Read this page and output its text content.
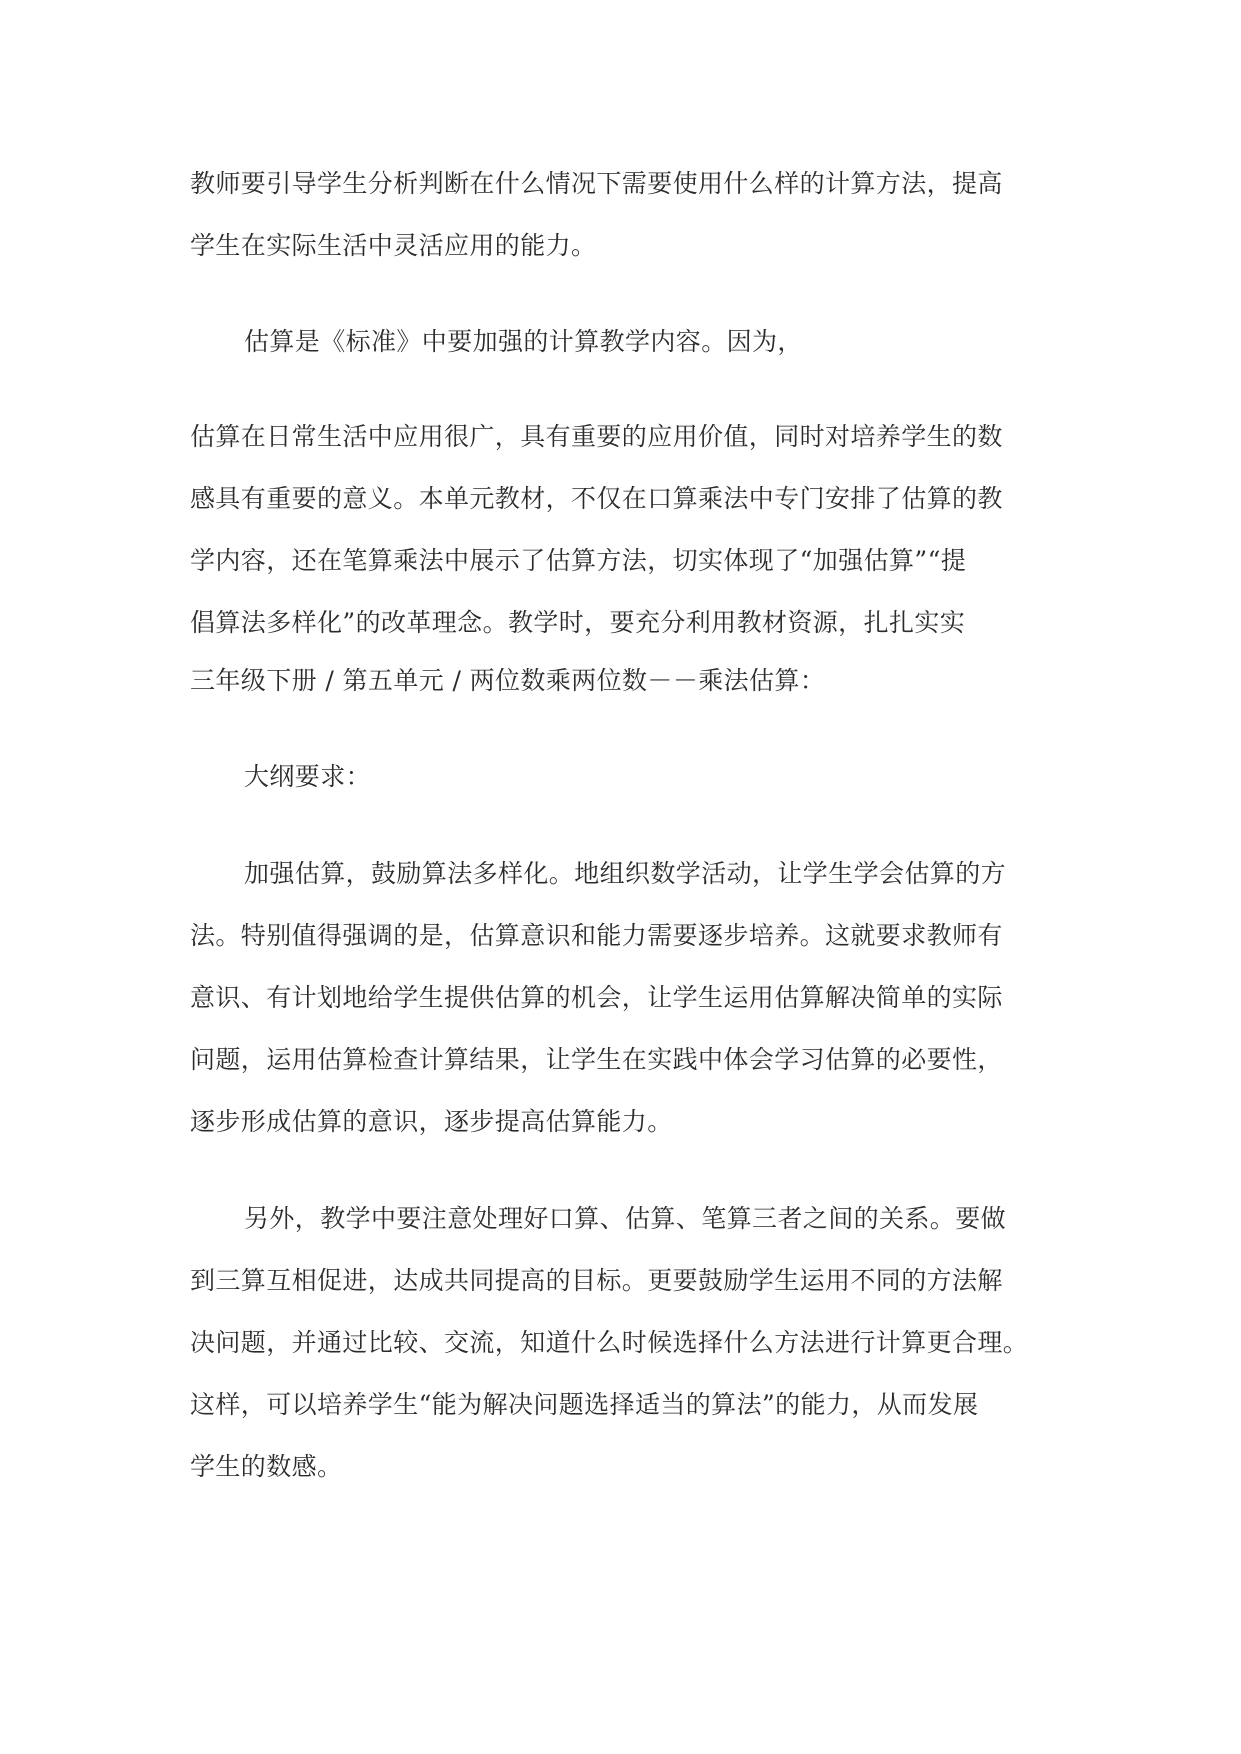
教师要引导学生分析判断在什么情况下需要使用什么样的计算方法，提高

学生在实际生活中灵活应用的能力。

估算是《标准》中要加强的计算教学内容。因为，

估算在日常生活中应用很广，具有重要的应用价值，同时对培养学生的数

感具有重要的意义。本单元教材，不仅在口算乘法中专门安排了估算的教

学内容，还在笔算乘法中展示了估算方法，切实体现了“加强估算”“提

倡算法多样化”的改革理念。教学时，要充分利用教材资源，扎扎实实

三年级下册 / 第五单元 / 两位数乘两位数－－乘法估算：

大纲要求：

加强估算，鼓励算法多样化。地组织数学活动，让学生学会估算的方

法。特别值得强调的是，估算意识和能力需要逐步培养。这就要求教师有

意识、有计划地给学生提供估算的机会，让学生运用估算解决简单的实际

问题，运用估算检查计算结果，让学生在实践中体会学习估算的必要性，

逐步形成估算的意识，逐步提高估算能力。

另外，教学中要注意处理好口算、估算、笔算三者之间的关系。要做

到三算互相促进，达成共同提高的目标。更要鼓励学生运用不同的方法解

决问题，并通过比较、交流，知道什么时候选择什么方法进行计算更合理。

这样，可以培养学生“能为解决问题选择适当的算法”的能力，从而发展

学生的数感。
